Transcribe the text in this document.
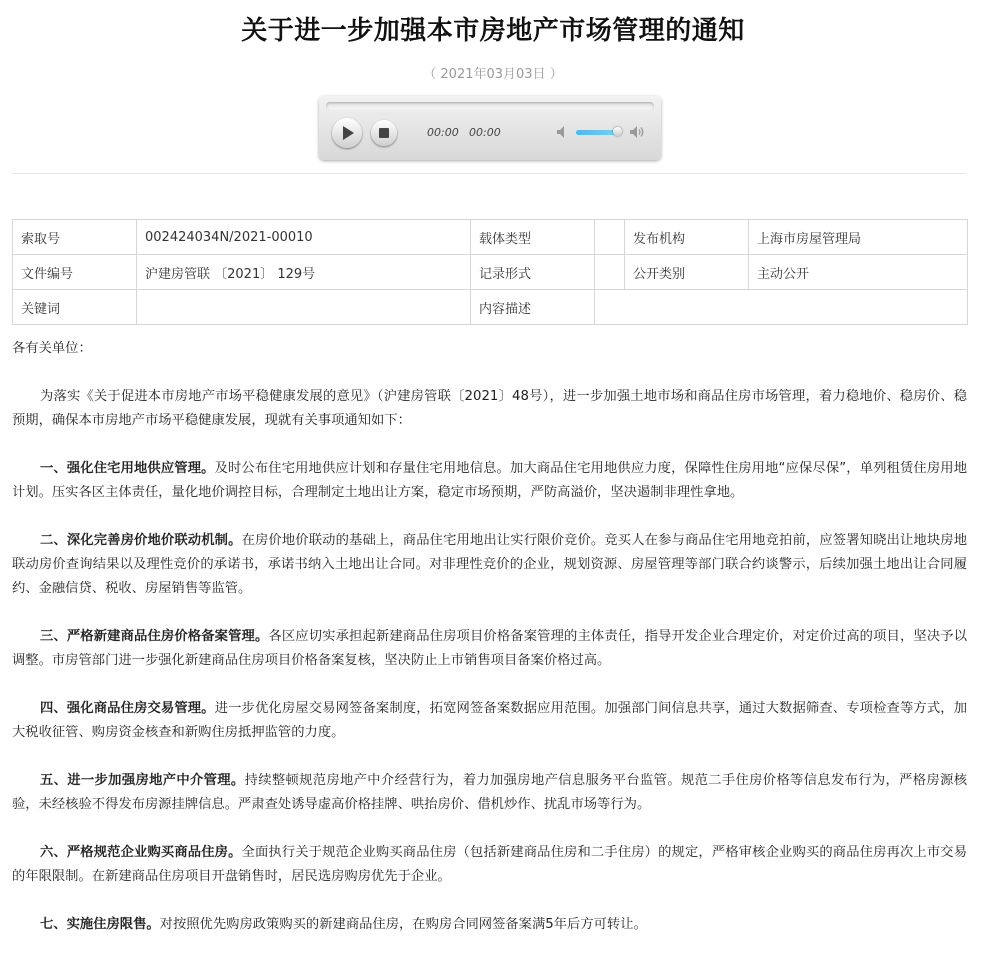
关于进一步加强本市房地产市场管理的通知
（ 2021年03月03日 ）
00:00 00:00
索取号	002424034N/2021-00010	载体类型		发布机构	上海市房屋管理局
文件编号	沪建房管联 〔2021〕 129号	记录形式		公开类别	主动公开
关键词		内容描述			

各有关单位：

为落实《关于促进本市房地产市场平稳健康发展的意见》（沪建房管联〔2021〕48号），进一步加强土地市场和商品住房市场管理，着力稳地价、稳房价、稳预期，确保本市房地产市场平稳健康发展，现就有关事项通知如下：

一、强化住宅用地供应管理。及时公布住宅用地供应计划和存量住宅用地信息。加大商品住宅用地供应力度，保障性住房用地“应保尽保”，单列租赁住房用地计划。压实各区主体责任，量化地价调控目标，合理制定土地出让方案，稳定市场预期，严防高溢价，坚决遏制非理性拿地。

二、深化完善房价地价联动机制。在房价地价联动的基础上，商品住宅用地出让实行限价竞价。竞买人在参与商品住宅用地竞拍前，应签署知晓出让地块房地联动房价查询结果以及理性竞价的承诺书，承诺书纳入土地出让合同。对非理性竞价的企业，规划资源、房屋管理等部门联合约谈警示，后续加强土地出让合同履约、金融信贷、税收、房屋销售等监管。

三、严格新建商品住房价格备案管理。各区应切实承担起新建商品住房项目价格备案管理的主体责任，指导开发企业合理定价，对定价过高的项目，坚决予以调整。市房管部门进一步强化新建商品住房项目价格备案复核，坚决防止上市销售项目备案价格过高。

四、强化商品住房交易管理。进一步优化房屋交易网签备案制度，拓宽网签备案数据应用范围。加强部门间信息共享，通过大数据筛查、专项检查等方式，加大税收征管、购房资金核查和新购住房抵押监管的力度。

五、进一步加强房地产中介管理。持续整顿规范房地产中介经营行为，着力加强房地产信息服务平台监管。规范二手住房价格等信息发布行为，严格房源核验，未经核验不得发布房源挂牌信息。严肃查处诱导虚高价格挂牌、哄抬房价、借机炒作、扰乱市场等行为。

六、严格规范企业购买商品住房。全面执行关于规范企业购买商品住房（包括新建商品住房和二手住房）的规定，严格审核企业购买的商品住房再次上市交易的年限限制。在新建商品住房项目开盘销售时，居民选房购房优先于企业。

七、实施住房限售。对按照优先购房政策购买的新建商品住房，在购房合同网签备案满5年后方可转让。
